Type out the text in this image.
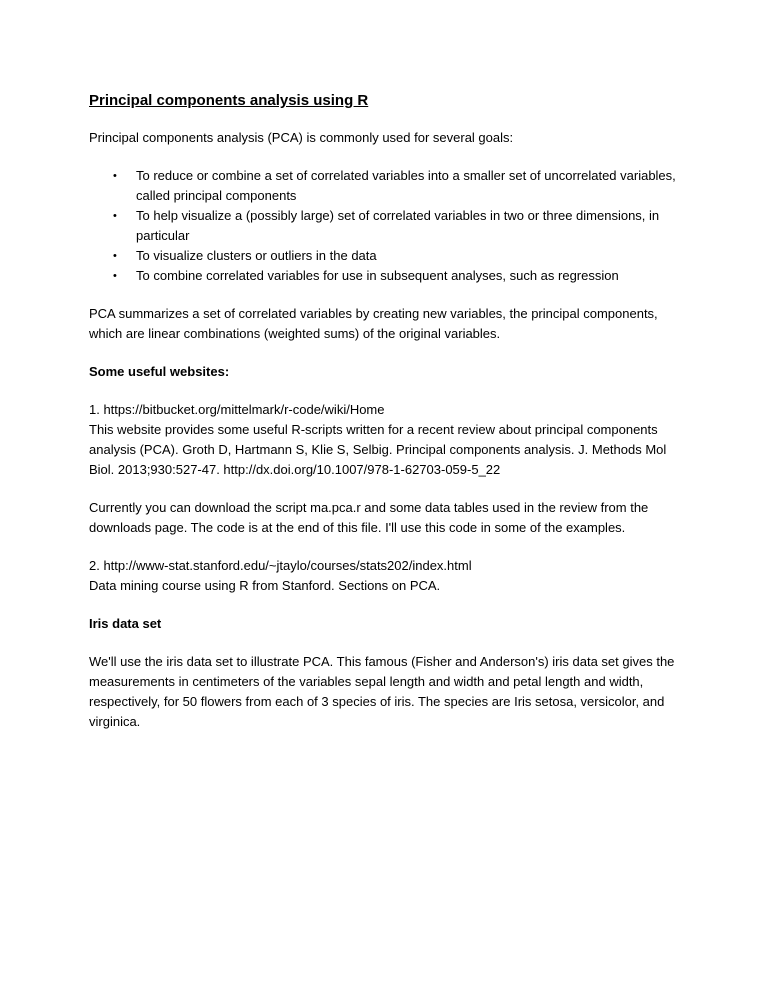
Principal components analysis using R

Principal components analysis (PCA) is commonly used for several goals:

• To reduce or combine a set of correlated variables into a smaller set of uncorrelated variables, called principal components
• To help visualize a (possibly large) set of correlated variables in two or three dimensions, in particular
• To visualize clusters or outliers in the data
• To combine correlated variables for use in subsequent analyses, such as regression

PCA summarizes a set of correlated variables by creating new variables, the principal components, which are linear combinations (weighted sums) of the original variables.

Some useful websites:

1. https://bitbucket.org/mittelmark/r-code/wiki/Home

This website provides some useful R-scripts written for a recent review about principal components analysis (PCA). Groth D, Hartmann S, Klie S, Selbig. Principal components analysis. J. Methods Mol Biol. 2013;930:527-47. http://dx.doi.org/10.1007/978-1-62703-059-5_22

Currently you can download the script ma.pca.r and some data tables used in the review from the downloads page. The code is at the end of this file. I'll use this code in some of the examples.

2. http://www-stat.stanford.edu/~jtaylo/courses/stats202/index.html

Data mining course using R from Stanford. Sections on PCA.

Iris data set

We'll use the iris data set to illustrate PCA. This famous (Fisher and Anderson's) iris data set gives the measurements in centimeters of the variables sepal length and width and petal length and width, respectively, for 50 flowers from each of 3 species of iris. The species are Iris setosa, versicolor, and virginica.
